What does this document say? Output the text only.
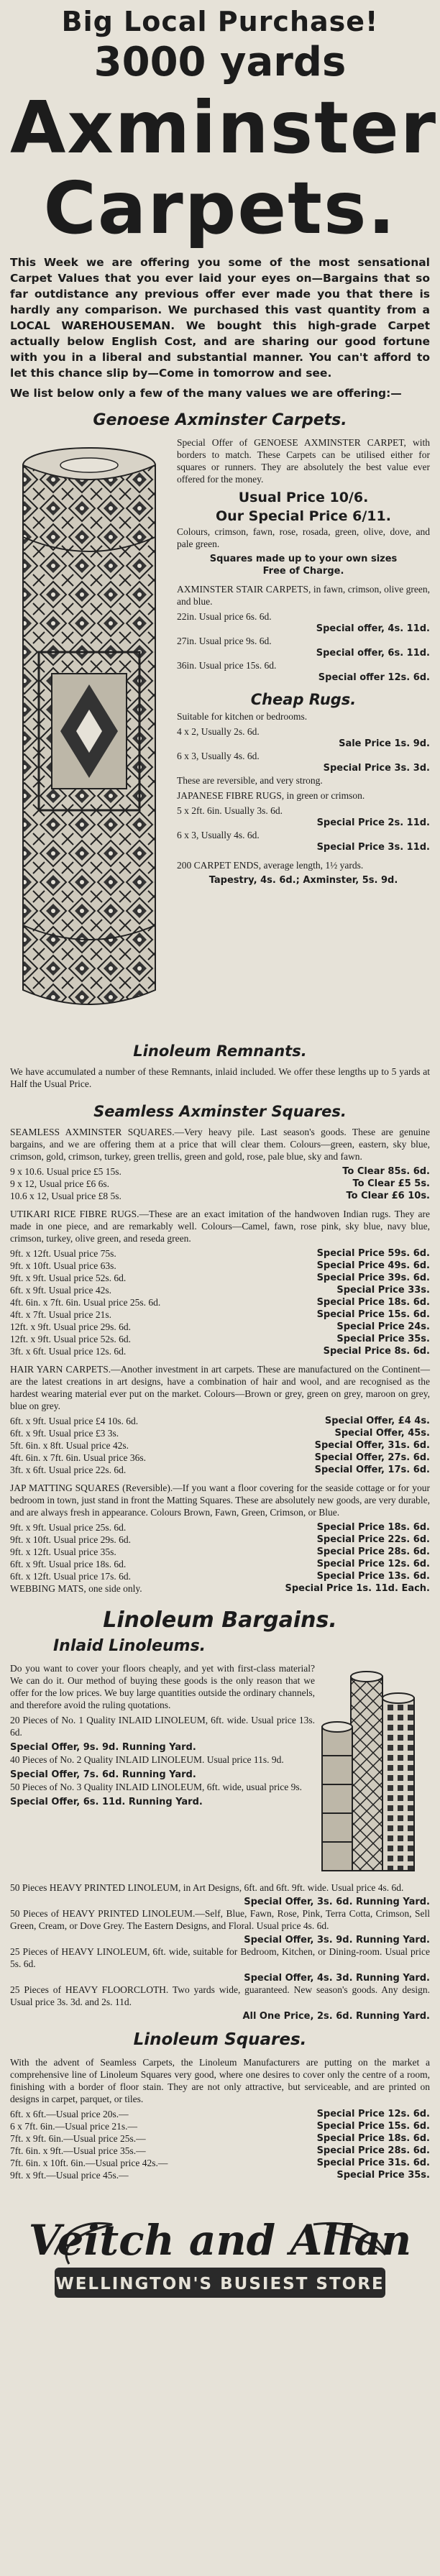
Big Local Purchase!
3000 yards
Axminster
Carpets.
This Week we are offering you some of the most sensational Carpet Values that you ever laid your eyes on—Bargains that so far outdistance any previous offer ever made you that there is hardly any comparison. We purchased this vast quantity from a LOCAL WAREHOUSEMAN. We bought this high-grade Carpet actually below English Cost, and are sharing our good fortune with you in a liberal and substantial manner. You can't afford to let this chance slip by—Come in tomorrow and see.
We list below only a few of the many values we are offering:—
Genoese Axminster Carpets.
Special Offer of GENOESE AXMINSTER CARPET, with borders to match. These Carpets can be utilised either for squares or runners. They are absolutely the best value ever offered for the money.
Usual Price 10/6.
Our Special Price 6/11.
Colours, crimson, fawn, rose, rosada, green, olive, dove, and pale green.
Squares made up to your own sizes
Free of Charge.
AXMINSTER STAIR CARPETS, in fawn, crimson, olive green, and blue.
22in. Usual price 6s. 6d.
Special offer, 4s. 11d.
27in. Usual price 9s. 6d.
Special offer, 6s. 11d.
36in. Usual price 15s. 6d.
Special offer 12s. 6d.
Cheap Rugs.
Suitable for kitchen or bedrooms.
4 x 2, Usually 2s. 6d.
Sale Price 1s. 9d.
6 x 3, Usually 4s. 6d.
Special Price 3s. 3d.
These are reversible, and very strong.
JAPANESE FIBRE RUGS, in green or crimson.
5 x 2ft. 6in. Usually 3s. 6d.
Special Price 2s. 11d.
6 x 3, Usually 4s. 6d.
Special Price 3s. 11d.
200 CARPET ENDS, average length, 1½ yards.
Tapestry, 4s. 6d.; Axminster, 5s. 9d.
Linoleum Remnants.
We have accumulated a number of these Remnants, inlaid included. We offer these lengths up to 5 yards at Half the Usual Price.
Seamless Axminster Squares.
SEAMLESS AXMINSTER SQUARES.—Very heavy pile. Last season's goods. These are genuine bargains, and we are offering them at a price that will clear them. Colours—green, eastern, sky blue, crimson, gold, crimson, turkey, green trellis, green and gold, rose, pale blue, sky and fawn.
9 x 10.6. Usual price £5 15s.	To Clear 85s. 6d.
9 x 12, Usual price £6 6s.	To Clear £5 5s.
10.6 x 12, Usual price £8 5s.	To Clear £6 10s.
UTIKARI RICE FIBRE RUGS.—These are an exact imitation of the handwoven Indian rugs. They are made in one piece, and are remarkably well. Colours—Camel, fawn, rose pink, sky blue, navy blue, crimson, turkey, olive green, and reseda green.
9ft. x 12ft. Usual price 75s.	Special Price 59s. 6d.
9ft. x 10ft. Usual price 63s.	Special Price 49s. 6d.
9ft. x 9ft. Usual price 52s. 6d.	Special Price 39s. 6d.
6ft. x 9ft. Usual price 42s.	Special Price 33s.
4ft. 6in. x 7ft. 6in. Usual price 25s. 6d.	Special Price 18s. 6d.
4ft. x 7ft. Usual price 21s.	Special Price 15s. 6d.
12ft. x 9ft. Usual price 29s. 6d.	Special Price 24s.
12ft. x 9ft. Usual price 52s. 6d.	Special Price 35s.
3ft. x 6ft. Usual price 12s. 6d.	Special Price 8s. 6d.
HAIR YARN CARPETS.—Another investment in art carpets. These are manufactured on the Continent—are the latest creations in art designs, have a combination of hair and wool, and are recognised as the hardest wearing material ever put on the market. Colours—Brown or grey, green on grey, maroon on grey, blue on grey.
6ft. x 9ft. Usual price £4 10s. 6d.	Special Offer, £4 4s.
6ft. x 9ft. Usual price £3 3s.	Special Offer, 45s.
5ft. 6in. x 8ft. Usual price 42s.	Special Offer, 31s. 6d.
4ft. 6in. x 7ft. 6in. Usual price 36s.	Special Offer, 27s. 6d.
3ft. x 6ft. Usual price 22s. 6d.	Special Offer, 17s. 6d.
JAP MATTING SQUARES (Reversible).—If you want a floor covering for the seaside cottage or for your bedroom in town, just stand in front the Matting Squares. These are absolutely new goods, are very durable, and are always fresh in appearance. Colours Brown, Fawn, Green, Crimson, or Blue.
9ft. x 9ft. Usual price 25s. 6d.	Special Price 18s. 6d.
9ft. x 10ft. Usual price 29s. 6d.	Special Price 22s. 6d.
9ft. x 12ft. Usual price 35s.	Special Price 28s. 6d.
6ft. x 9ft. Usual price 18s. 6d.	Special Price 12s. 6d.
6ft. x 12ft. Usual price 17s. 6d.	Special Price 13s. 6d.
WEBBING MATS, one side only.	Special Price 1s. 11d. Each.
Linoleum Bargains.
Inlaid Linoleums.
Do you want to cover your floors cheaply, and yet with first-class material? We can do it. Our method of buying these goods is the only reason that we offer for the low prices. We buy large quantities outside the ordinary channels, and therefore avoid the ruling quotations.
20 Pieces of No. 1 Quality INLAID LINOLEUM, 6ft. wide. Usual price 13s. 6d.
Special Offer, 9s. 9d. Running Yard.
40 Pieces of No. 2 Quality INLAID LINOLEUM. Usual price 11s. 9d.
Special Offer, 7s. 6d. Running Yard.
50 Pieces of No. 3 Quality INLAID LINOLEUM, 6ft. wide, usual price 9s.
Special Offer, 6s. 11d. Running Yard.
50 Pieces HEAVY PRINTED LINOLEUM, in Art Designs, 6ft. and 6ft. 9ft. wide. Usual price 4s. 6d.
Special Offer, 3s. 6d. Running Yard.
50 Pieces of HEAVY PRINTED LINOLEUM.—Self, Blue, Fawn, Rose, Pink, Terra Cotta, Crimson, Sell Green, Cream, or Dove Grey. The Eastern Designs, and Floral. Usual price 4s. 6d.
Special Offer, 3s. 9d. Running Yard.
25 Pieces of HEAVY LINOLEUM, 6ft. wide, suitable for Bedroom, Kitchen, or Dining-room. Usual price 5s. 6d.
Special Offer, 4s. 3d. Running Yard.
25 Pieces of HEAVY FLOORCLOTH. Two yards wide, guaranteed. New season's goods. Any design. Usual price 3s. 3d. and 2s. 11d.
All One Price, 2s. 6d. Running Yard.
Linoleum Squares.
With the advent of Seamless Carpets, the Linoleum Manufacturers are putting on the market a comprehensive line of Linoleum Squares very good, where one desires to cover only the centre of a room, finishing with a border of floor stain. They are not only attractive, but serviceable, and are printed on designs in carpet, parquet, or tiles.
6ft. x 6ft.—Usual price 20s.—	Special Price 12s. 6d.
6 x 7ft. 6in.—Usual price 21s.—	Special Price 15s. 6d.
7ft. x 9ft. 6in.—Usual price 25s.—	Special Price 18s. 6d.
7ft. 6in. x 9ft.—Usual price 35s.—	Special Price 28s. 6d.
7ft. 6in. x 10ft. 6in.—Usual price 42s.—	Special Price 31s. 6d.
9ft. x 9ft.—Usual price 45s.—	Special Price 35s.
Veitch and Allan
WELLINGTON'S BUSIEST STORE
